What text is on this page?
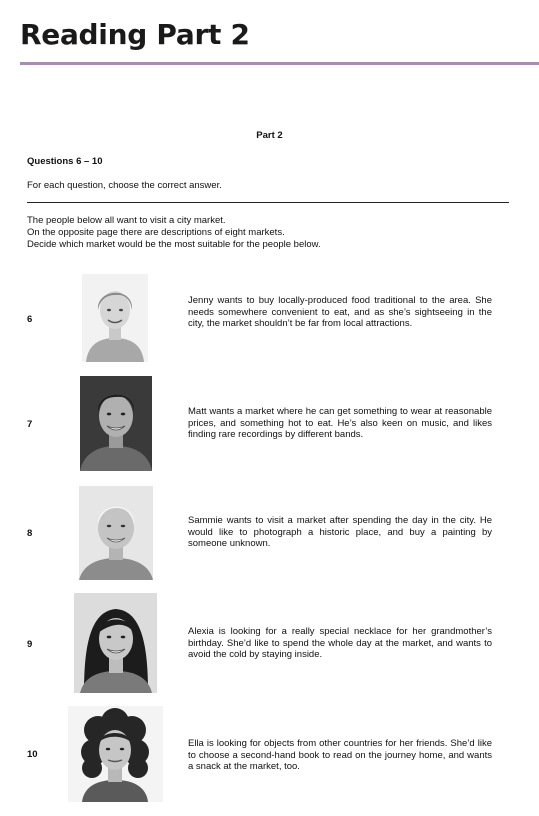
Reading Part 2
Part 2
Questions 6 – 10
For each question, choose the correct answer.
The people below all want to visit a city market.
On the opposite page there are descriptions of eight markets.
Decide which market would be the most suitable for the people below.
6
Jenny wants to buy locally-produced food traditional to the area. She needs somewhere convenient to eat, and as she’s sightseeing in the city, the market shouldn’t be far from local attractions.
7
Matt wants a market where he can get something to wear at reasonable prices, and something hot to eat. He’s also keen on music, and likes finding rare recordings by different bands.
8
Sammie wants to visit a market after spending the day in the city. He would like to photograph a historic place, and buy a painting by someone unknown.
9
Alexia is looking for a really special necklace for her grandmother’s birthday. She’d like to spend the whole day at the market, and wants to avoid the cold by staying inside.
10
Ella is looking for objects from other countries for her friends. She’d like to choose a second-hand book to read on the journey home, and wants a snack at the market, too.
